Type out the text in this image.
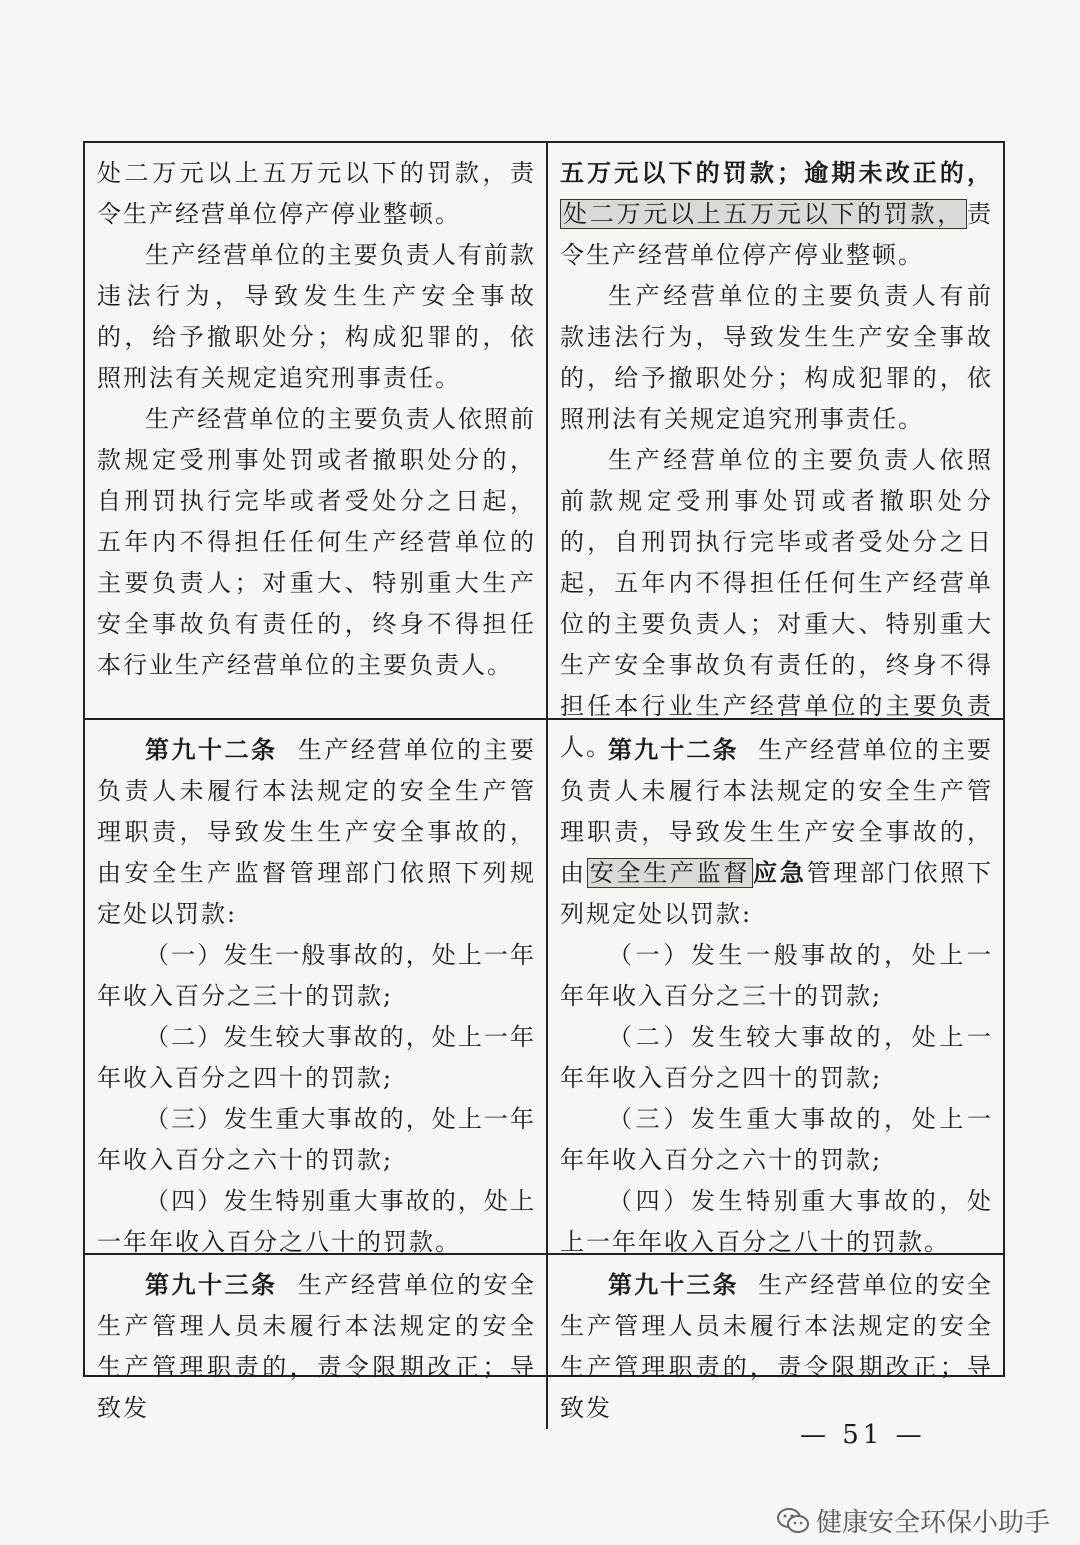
处二万元以上五万元以下的罚款，责令生产经营单位停产停业整顿。

生产经营单位的主要负责人有前款违法行为，导致发生生产安全事故的，给予撤职处分；构成犯罪的，依照刑法有关规定追究刑事责任。

生产经营单位的主要负责人依照前款规定受刑事处罚或者撤职处分的，自刑罚执行完毕或者受处分之日起，五年内不得担任任何生产经营单位的主要负责人；对重大、特别重大生产安全事故负有责任的，终身不得担任本行业生产经营单位的主要负责人。

五万元以下的罚款；逾期未改正的，处二万元以上五万元以下的罚款， 责令生产经营单位停产停业整顿。

生产经营单位的主要负责人有前款违法行为，导致发生生产安全事故的，给予撤职处分；构成犯罪的，依照刑法有关规定追究刑事责任。

生产经营单位的主要负责人依照前款规定受刑事处罚或者撤职处分的，自刑罚执行完毕或者受处分之日起，五年内不得担任任何生产经营单位的主要负责人；对重大、特别重大生产安全事故负有责任的，终身不得担任本行业生产经营单位的主要负责人。

第九十二条 生产经营单位的主要负责人未履行本法规定的安全生产管理职责，导致发生生产安全事故的，由安全生产监督管理部门依照下列规定处以罚款:

（一）发生一般事故的，处上一年年收入百分之三十的罚款;

（二）发生较大事故的，处上一年年收入百分之四十的罚款;

（三）发生重大事故的，处上一年年收入百分之六十的罚款;

（四）发生特别重大事故的，处上一年年收入百分之八十的罚款。

第九十二条 生产经营单位的主要负责人未履行本法规定的安全生产管理职责，导致发生生产安全事故的，由 安全生产监督 应急管理部门依照下列规定处以罚款:

（一）发生一般事故的，处上一年年收入百分之三十的罚款;

（二）发生较大事故的，处上一年年收入百分之四十的罚款;

（三）发生重大事故的，处上一年年收入百分之六十的罚款;

（四）发生特别重大事故的，处上一年年收入百分之八十的罚款。

第九十三条 生产经营单位的安全生产管理人员未履行本法规定的安全生产管理职责的，责令限期改正；导致发

第九十三条 生产经营单位的安全生产管理人员未履行本法规定的安全生产管理职责的，责令限期改正；导致发

— 51 —
健康安全环保小助手
